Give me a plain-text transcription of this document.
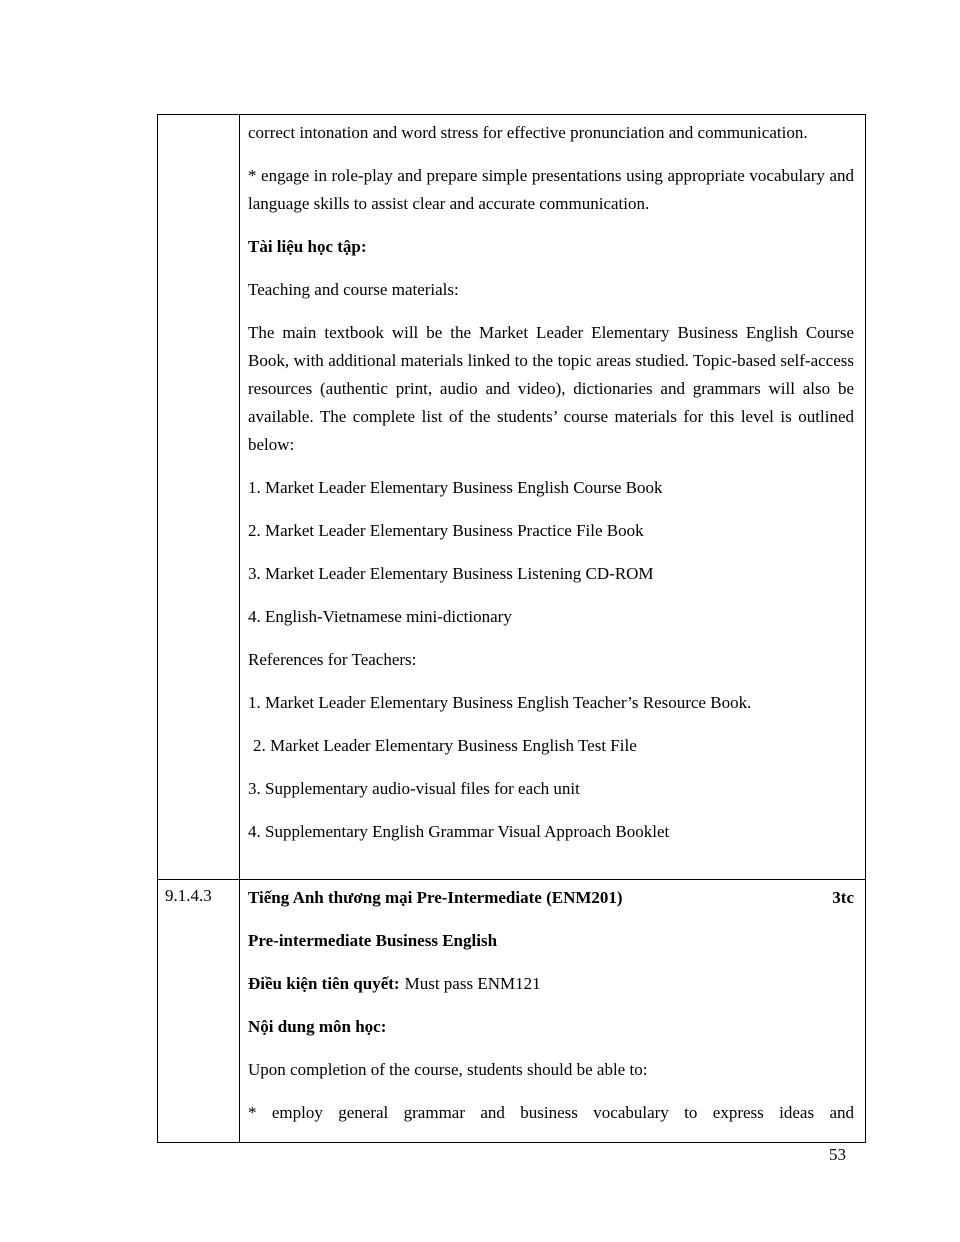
correct intonation and word stress for effective pronunciation and communication.

* engage in role-play and prepare simple presentations using appropriate vocabulary and language skills to assist clear and accurate communication.

Tài liệu học tập:

Teaching and course materials:

The main textbook will be the Market Leader Elementary Business English Course Book, with additional materials linked to the topic areas studied. Topic-based self-access resources (authentic print, audio and video), dictionaries and grammars will also be available. The complete list of the students’ course materials for this level is outlined below:

1. Market Leader Elementary Business English Course Book

2. Market Leader Elementary Business Practice File Book

3. Market Leader Elementary Business Listening CD-ROM

4. English-Vietnamese mini-dictionary

References for Teachers:

1. Market Leader Elementary Business English Teacher’s Resource Book.

2. Market Leader Elementary Business English Test File

3. Supplementary audio-visual files for each unit

4. Supplementary English Grammar Visual Approach Booklet

9.1.4.3	Tiếng Anh thương mại Pre-Intermediate (ENM201)	3tc

Pre-intermediate Business English

Điều kiện tiên quyết: Must pass ENM121

Nội dung môn học:

Upon completion of the course, students should be able to:

* employ general grammar and business vocabulary to express ideas and

53
